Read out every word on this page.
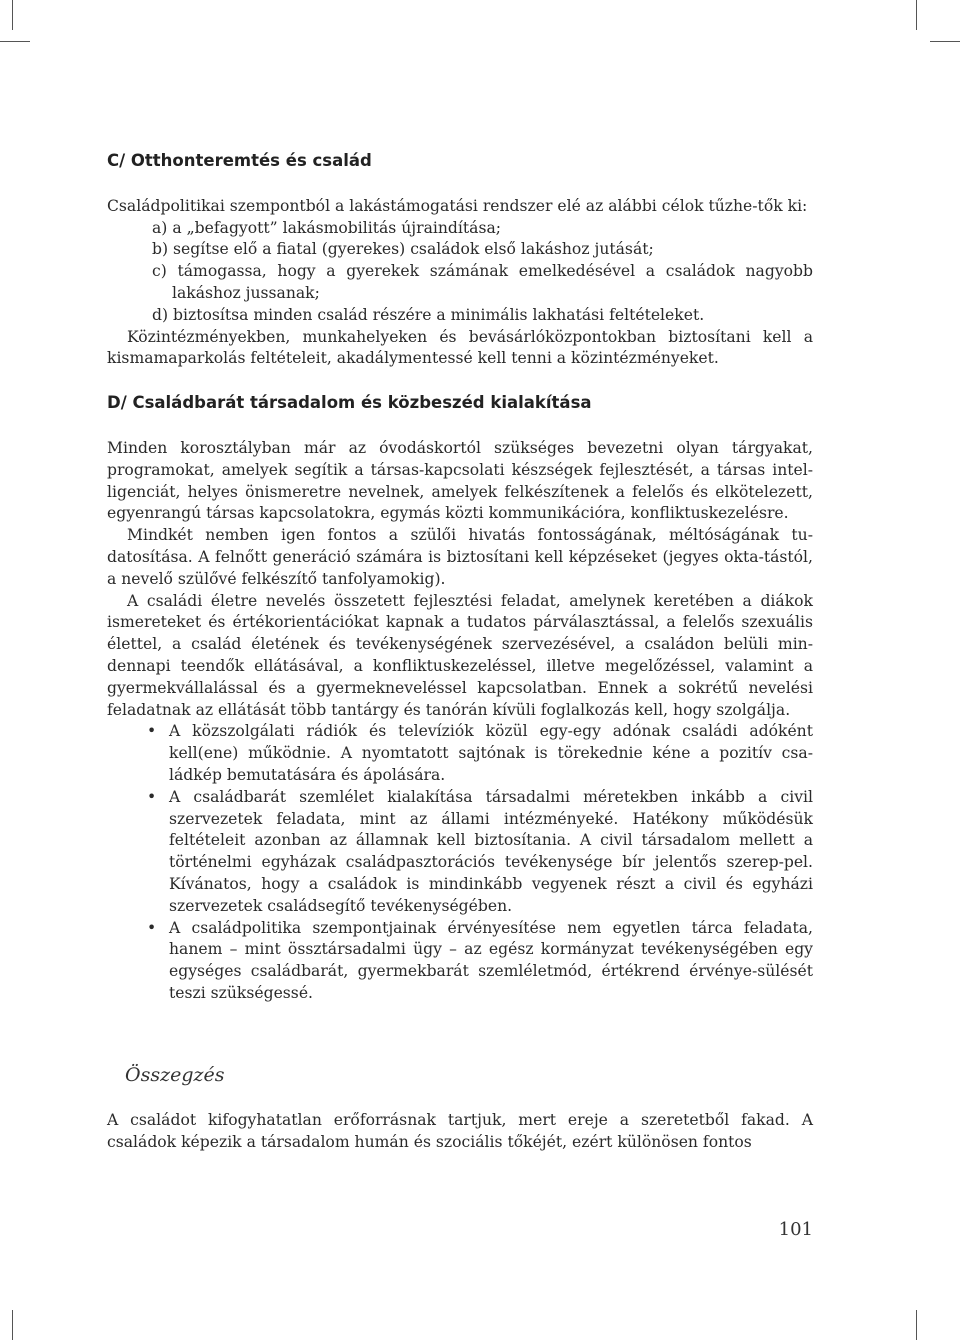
C/ Otthonteremtés és család

Családpolitikai szempontból a lakástámogatási rendszer elé az alábbi célok tűzhe-tők ki:

a) a „befagyott” lakásmobilitás újraindítása;

b) segítse elő a fiatal (gyerekes) családok első lakáshoz jutását;

c) támogassa, hogy a gyerekek számának emelkedésével a családok nagyobb lakáshoz jussanak;

d) biztosítsa minden család részére a minimális lakhatási feltételeket.

Közintézményekben, munkahelyeken és bevásárlóközpontokban biztosítani kell a kismamaparkolás feltételeit, akadálymentessé kell tenni a közintézményeket.

D/ Családbarát társadalom és közbeszéd kialakítása

Minden korosztályban már az óvodáskortól szükséges bevezetni olyan tárgyakat, programokat, amelyek segítik a társas-kapcsolati készségek fejlesztését, a társas intel-ligenciát, helyes önismeretre nevelnek, amelyek felkészítenek a felelős és elkötelezett, egyenrangú társas kapcsolatokra, egymás közti kommunikációra, konfliktuskezelésre.

Mindkét nemben igen fontos a szülői hivatás fontosságának, méltóságának tu-datosítása. A felnőtt generáció számára is biztosítani kell képzéseket (jegyes okta-tástól, a nevelő szülővé felkészítő tanfolyamokig).

A családi életre nevelés összetett fejlesztési feladat, amelynek keretében a diákok ismereteket és értékorientációkat kapnak a tudatos párválasztással, a felelős szexuális élettel, a család életének és tevékenységének szervezésével, a családon belüli min-dennapi teendők ellátásával, a konfliktuskezeléssel, illetve megelőzéssel, valamint a gyermekvállalással és a gyermekneveléssel kapcsolatban. Ennek a sokrétű nevelési feladatnak az ellátását több tantárgy és tanórán kívüli foglalkozás kell, hogy szolgálja.

• A közszolgálati rádiók és televíziók közül egy-egy adónak családi adóként kell(ene) működnie. A nyomtatott sajtónak is törekednie kéne a pozitív csa-ládkép bemutatására és ápolására.
• A családbarát szemlélet kialakítása társadalmi méretekben inkább a civil szervezetek feladata, mint az állami intézményeké. Hatékony működésük feltételeit azonban az államnak kell biztosítania. A civil társadalom mellett a történelmi egyházak családpasztorációs tevékenysége bír jelentős szerep-pel. Kívánatos, hogy a családok is mindinkább vegyenek részt a civil és egyházi szervezetek családsegítő tevékenységében.
• A családpolitika szempontjainak érvényesítése nem egyetlen tárca feladata, hanem – mint össztársadalmi ügy – az egész kormányzat tevékenységében egy egységes családbarát, gyermekbarát szemléletmód, értékrend érvénye-sülését teszi szükségessé.
Összegzés

A családot kifogyhatatlan erőforrásnak tartjuk, mert ereje a szeretetből fakad. A családok képezik a társadalom humán és szociális tőkéjét, ezért különösen fontos

101
